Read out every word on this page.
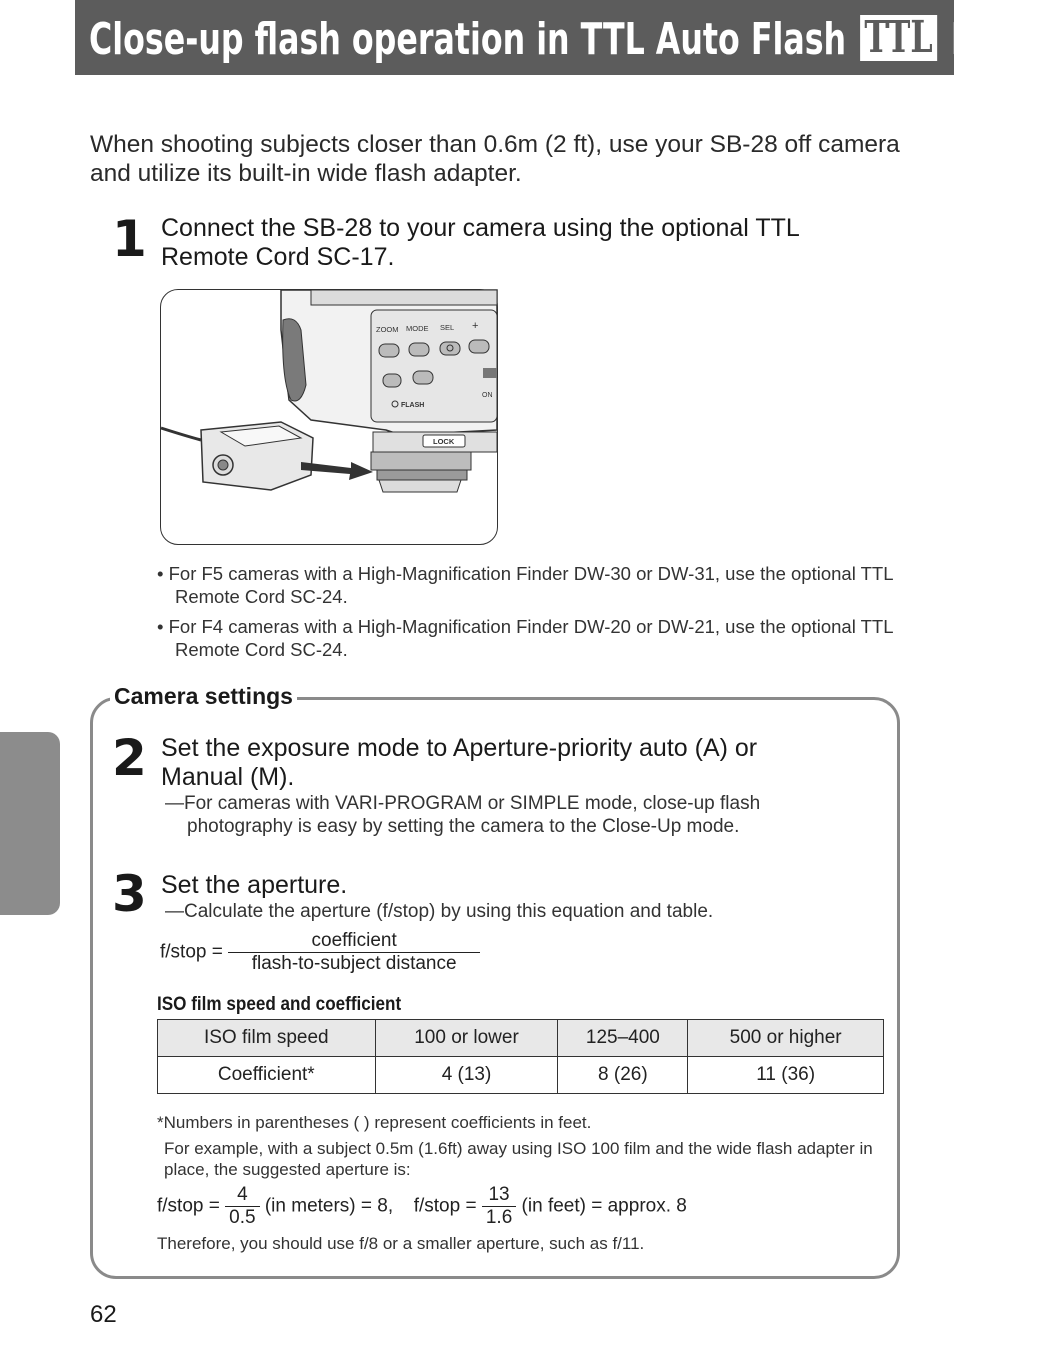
Close-up flash operation in TTL Auto Flash TTL Mode
When shooting subjects closer than 0.6m (2 ft), use your SB-28 off camera and utilize its built-in wide flash adapter.
1 Connect the SB-28 to your camera using the optional TTL Remote Cord SC-17.
ZOOM MODE SEL +
FLASH
ON
LOCK
• For F5 cameras with a High-Magnification Finder DW-30 or DW-31, use the optional TTL Remote Cord SC-24.
• For F4 cameras with a High-Magnification Finder DW-20 or DW-21, use the optional TTL Remote Cord SC-24.
Camera settings
2 Set the exposure mode to Aperture-priority auto (A) or Manual (M).
—For cameras with VARI-PROGRAM or SIMPLE mode, close-up flash photography is easy by setting the camera to the Close-Up mode.
3 Set the aperture.
—Calculate the aperture (f/stop) by using this equation and table.
f/stop = $\frac{\text{coefficient}}{\text{flash-to-subject distance}}$
ISO film speed and coefficient
ISO film speed	100 or lower	125–400	500 or higher
Coefficient*	4 (13)	8 (26)	11 (36)
*Numbers in parentheses ( ) represent coefficients in feet.
For example, with a subject 0.5m (1.6ft) away using ISO 100 film and the wide flash adapter in place, the suggested aperture is:
f/stop = $\frac{4}{0.5} (in$ meters) = 8, f/stop = $\frac{13}{1.6} (in$ feet) = approx. 8
Therefore, you should use f/8 or a smaller aperture, such as f/11.
62
